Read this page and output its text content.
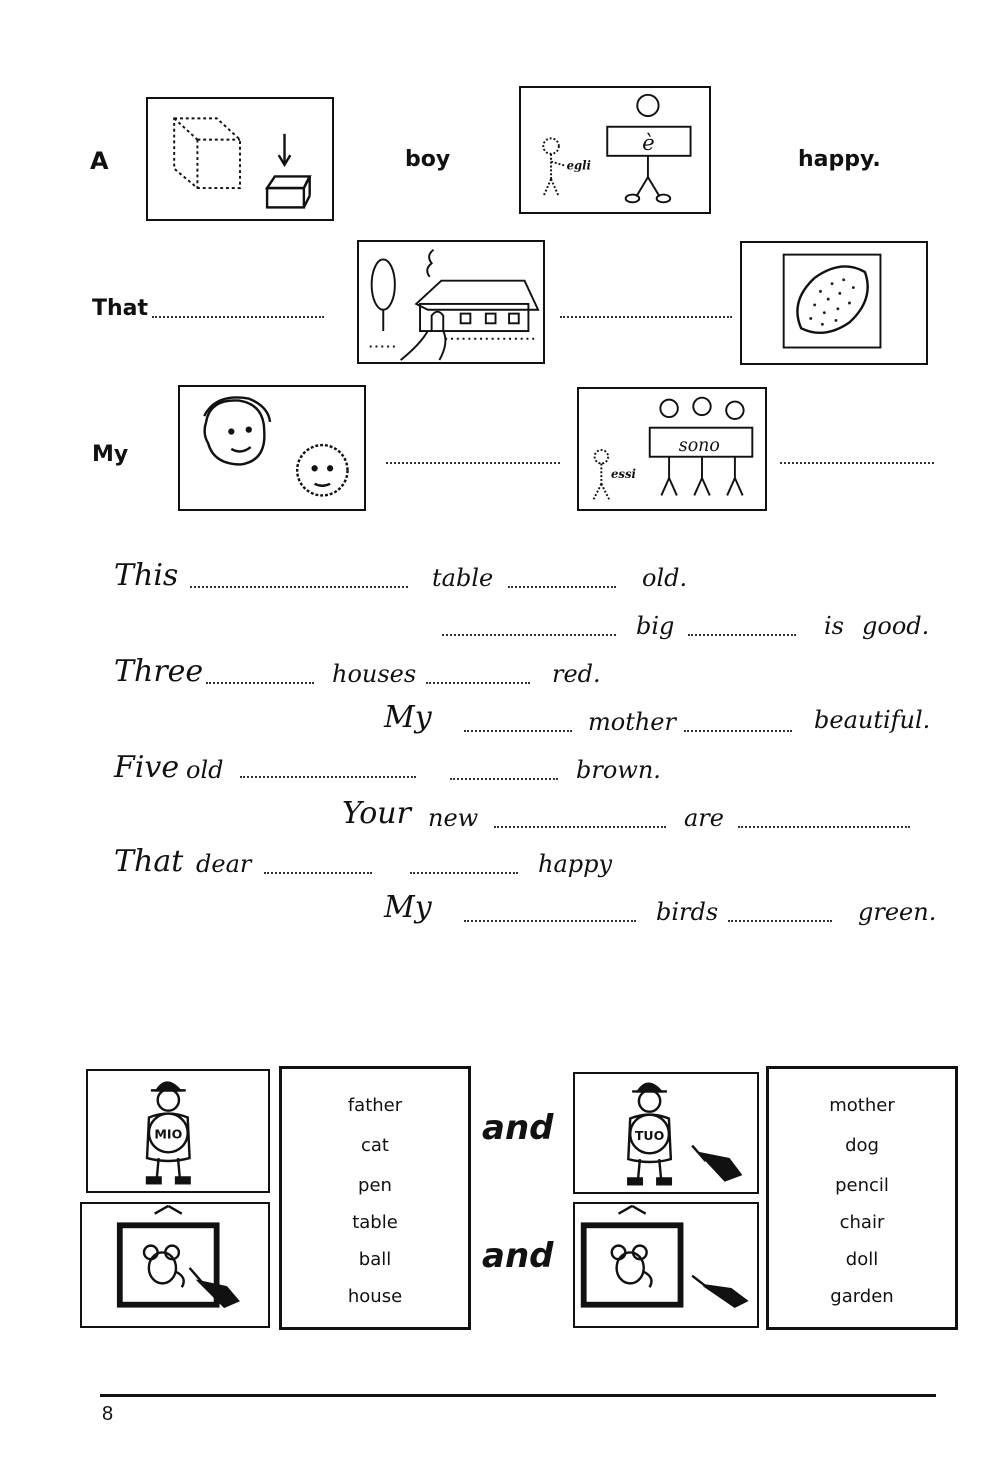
A	boy
è
egli	happy.
That
My	sono
essi
This	table	old.
big	is good.
Three	houses	red.
My	mother	beautiful.
Five old	brown.
Your new	are
That dear	happy
My	birds	green.
MIO
father
cat
pen
table
ball
house
and
and
TUO
mother
dog
pencil
chair
doll
garden
8
